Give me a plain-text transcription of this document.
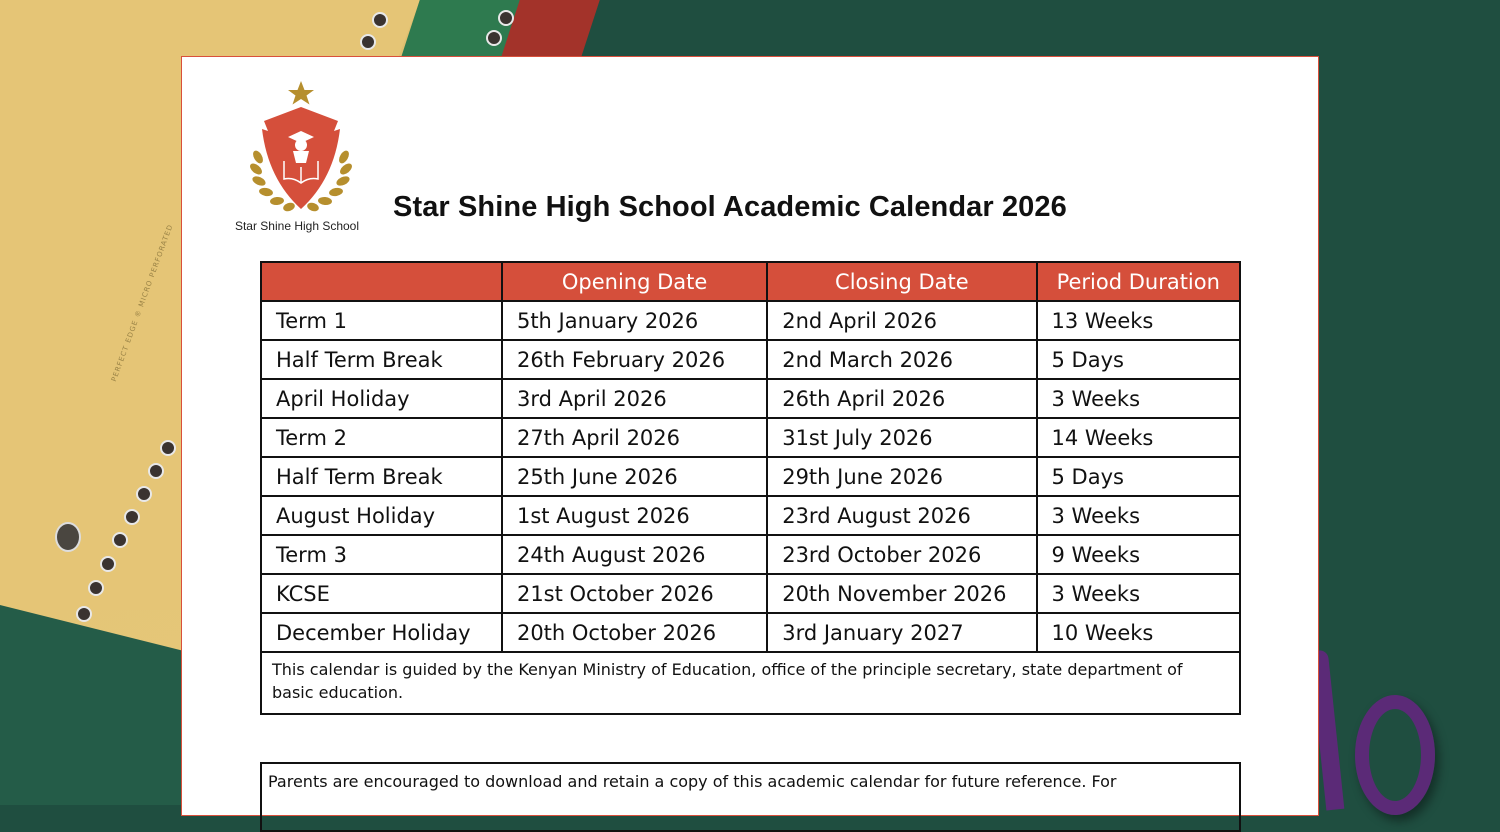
PERFECT EDGE ® MICRO PERFORATED	Star Shine High School
Star Shine High School Academic Calendar 2026
	Opening Date	Closing Date	Period Duration
Term 1	5th January 2026	2nd April 2026	13 Weeks
Half Term Break	26th February 2026	2nd March 2026	5 Days
April Holiday	3rd April 2026	26th April 2026	3 Weeks
Term 2	27th April 2026	31st July 2026	14 Weeks
Half Term Break	25th June 2026	29th June 2026	5 Days
August Holiday	1st August 2026	23rd August 2026	3 Weeks
Term 3	24th August 2026	23rd October 2026	9 Weeks
KCSE	21st October 2026	20th November 2026	3 Weeks
December Holiday	20th October 2026	3rd January 2027	10 Weeks
This calendar is guided by the Kenyan Ministry of Education, office of the principle secretary, state department of basic education.			
Parents are encouraged to download and retain a copy of this academic calendar for future reference. For
